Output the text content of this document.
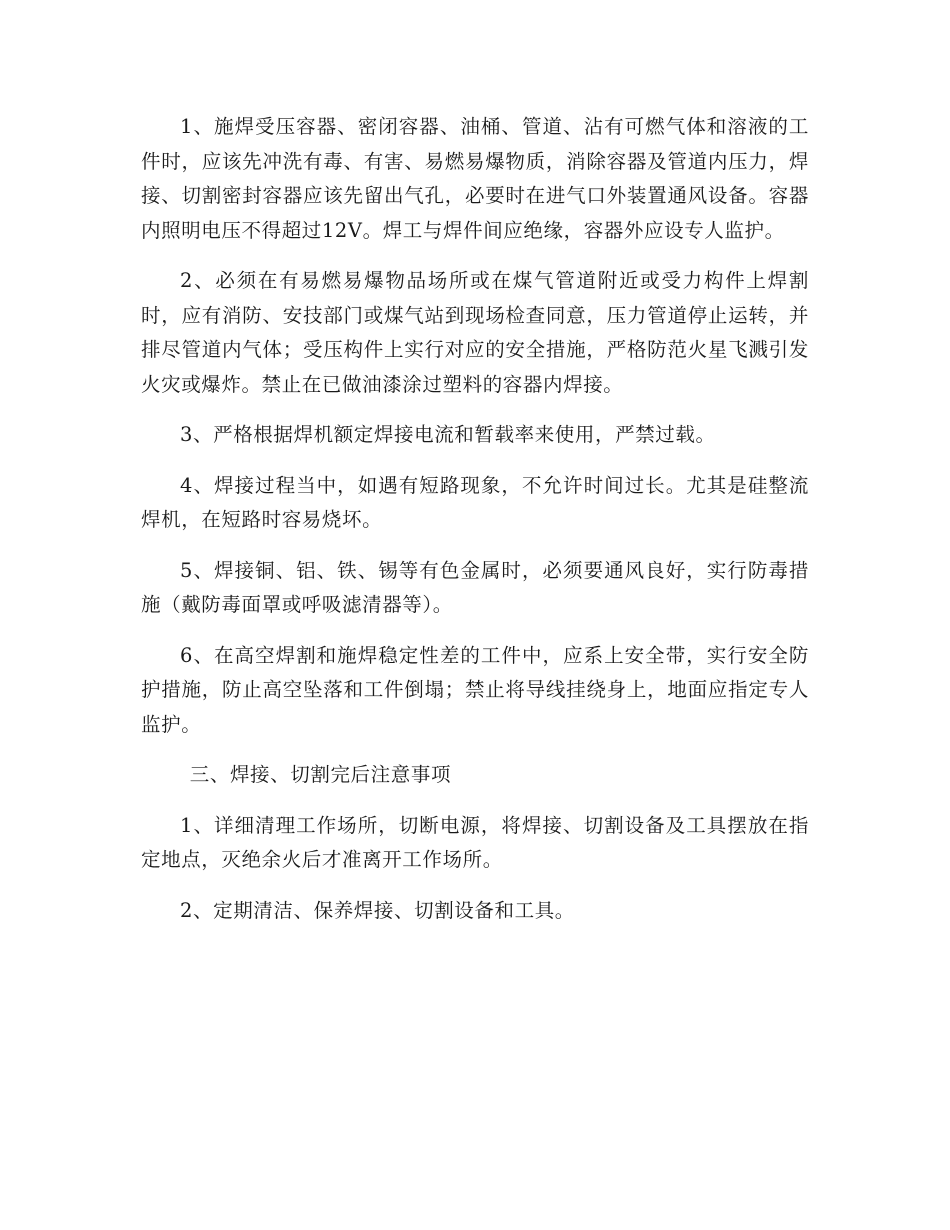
1、施焊受压容器、密闭容器、油桶、管道、沾有可燃气体和溶液的工件时，应该先冲洗有毒、有害、易燃易爆物质，消除容器及管道内压力，焊接、切割密封容器应该先留出气孔，必要时在进气口外装置通风设备。容器内照明电压不得超过12V。焊工与焊件间应绝缘，容器外应设专人监护。

2、必须在有易燃易爆物品场所或在煤气管道附近或受力构件上焊割时，应有消防、安技部门或煤气站到现场检查同意，压力管道停止运转，并排尽管道内气体；受压构件上实行对应的安全措施，严格防范火星飞溅引发火灾或爆炸。禁止在已做油漆涂过塑料的容器内焊接。

3、严格根据焊机额定焊接电流和暂载率来使用，严禁过载。

4、焊接过程当中，如遇有短路现象，不允许时间过长。尤其是硅整流焊机，在短路时容易烧坏。

5、焊接铜、铝、铁、锡等有色金属时，必须要通风良好，实行防毒措施（戴防毒面罩或呼吸滤清器等）。

6、在高空焊割和施焊稳定性差的工件中，应系上安全带，实行安全防护措施，防止高空坠落和工件倒塌；禁止将导线挂绕身上，地面应指定专人监护。

三、焊接、切割完后注意事项

1、详细清理工作场所，切断电源，将焊接、切割设备及工具摆放在指定地点，灭绝余火后才准离开工作场所。

2、定期清洁、保养焊接、切割设备和工具。
